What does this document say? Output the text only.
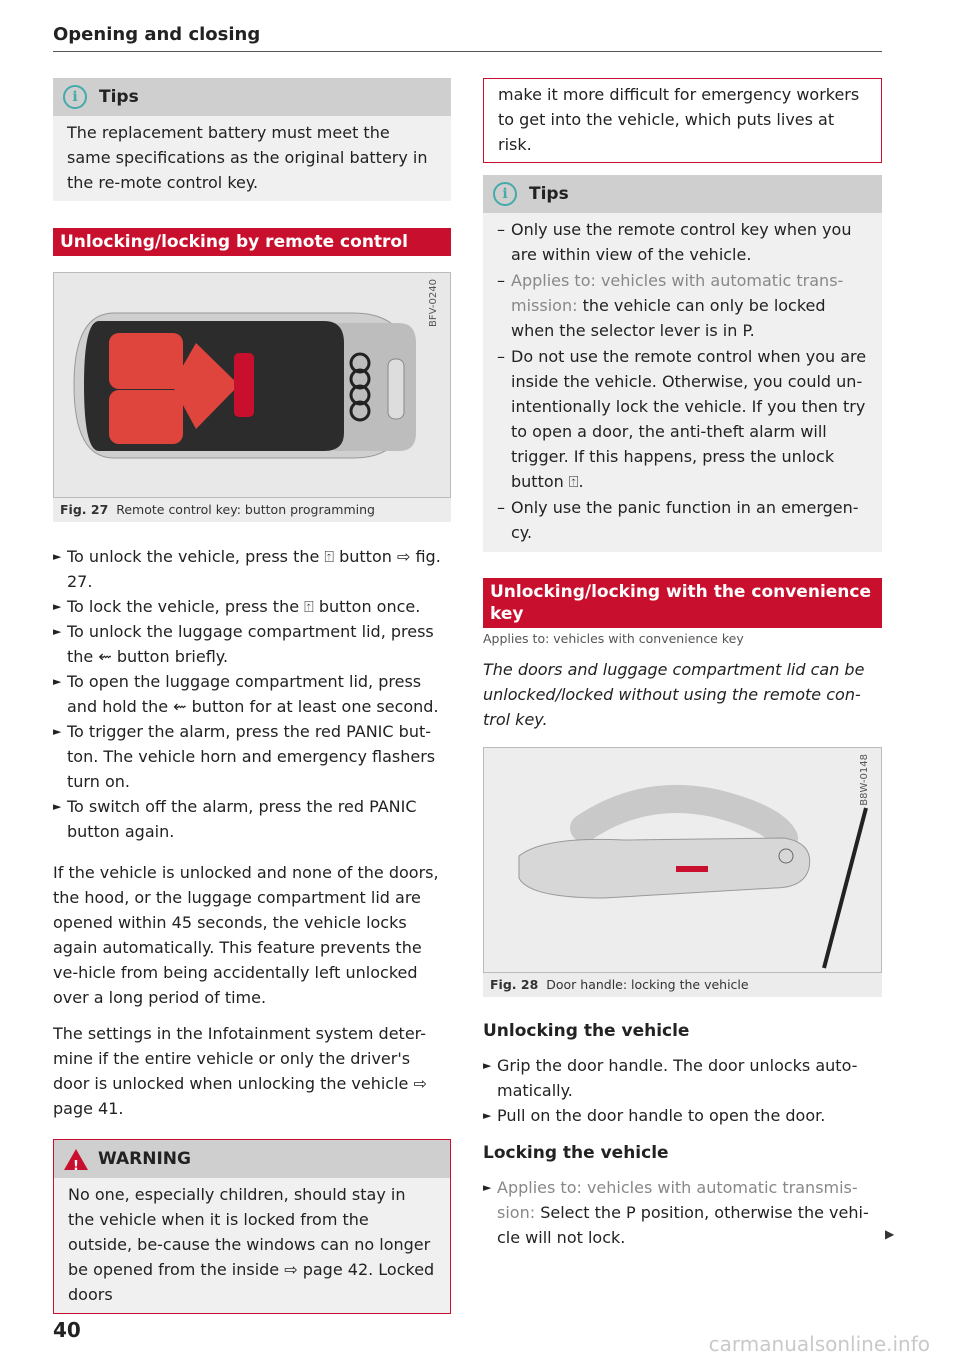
Opening and closing
i	Tips

The replacement battery must meet the same specifications as the original battery in the re-mote control key.

Unlocking/locking by remote control
BFV-0240
Fig. 27 Remote control key: button programming
► To unlock the vehicle, press the ⍐ button ⇨ fig. 27.
► To lock the vehicle, press the ⍐ button once.
► To unlock the luggage compartment lid, press the ⇜ button briefly.
► To open the luggage compartment lid, press and hold the ⇜ button for at least one second.
► To trigger the alarm, press the red PANIC but-ton. The vehicle horn and emergency flashers turn on.
► To switch off the alarm, press the red PANIC button again.

If the vehicle is unlocked and none of the doors, the hood, or the luggage compartment lid are opened within 45 seconds, the vehicle locks again automatically. This feature prevents the ve-hicle from being accidentally left unlocked over a long period of time.

The settings in the Infotainment system deter-mine if the entire vehicle or only the driver's door is unlocked when unlocking the vehicle ⇨ page 41.

! WARNING

No one, especially children, should stay in the vehicle when it is locked from the outside, be-cause the windows can no longer be opened from the inside ⇨ page 42. Locked doors

make it more difficult for emergency workers to get into the vehicle, which puts lives at risk.

i	Tips
– Only use the remote control key when you are within view of the vehicle.
– Applies to: vehicles with automatic trans-mission: the vehicle can only be locked when the selector lever is in P.
– Do not use the remote control when you are inside the vehicle. Otherwise, you could un-intentionally lock the vehicle. If you then try to open a door, the anti-theft alarm will trigger. If this happens, press the unlock button ⍐.
– Only use the panic function in an emergen-cy.
Unlocking/locking with the convenience key
Applies to: vehicles with convenience key

The doors and luggage compartment lid can be unlocked/locked without using the remote con-trol key.

B8W-0148
Fig. 28 Door handle: locking the vehicle
Unlocking the vehicle
► Grip the door handle. The door unlocks auto-matically.
► Pull on the door handle to open the door.
Locking the vehicle
► Applies to: vehicles with automatic transmis-sion: Select the P position, otherwise the vehi-cle will not lock.	▶
40
carmanualsonline.info
